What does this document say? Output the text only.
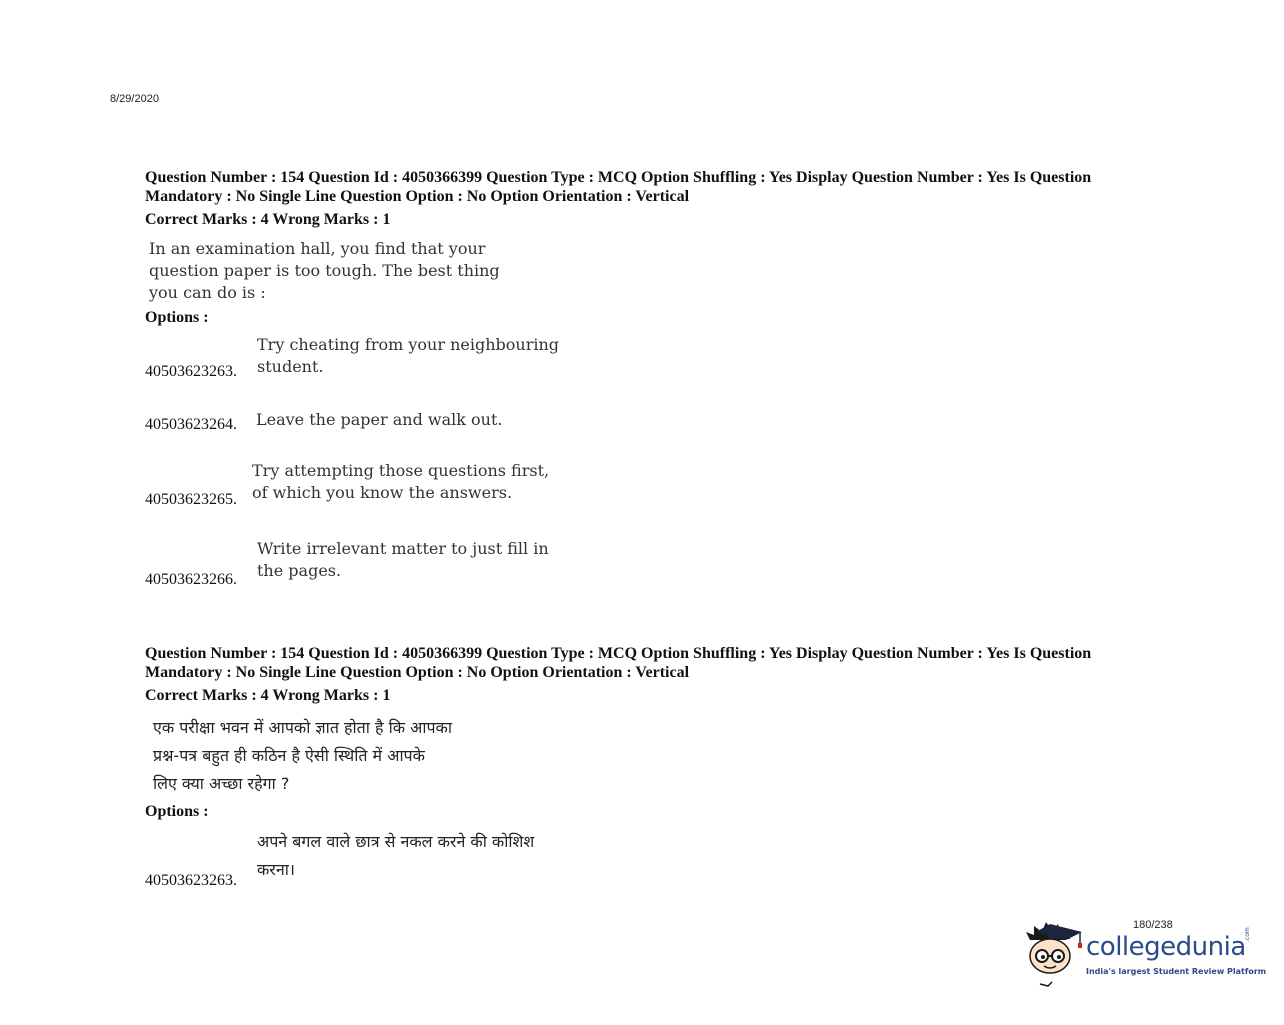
8/29/2020
Question Number : 154 Question Id : 4050366399 Question Type : MCQ Option Shuffling : Yes Display Question Number : Yes Is Question Mandatory : No Single Line Question Option : No Option Orientation : Vertical
Correct Marks : 4 Wrong Marks : 1
In an examination hall, you find that your
question paper is too tough. The best thing
you can do is :
Options :
40503623263.
Try cheating from your neighbouring
student.
40503623264. Leave the paper and walk out.
40503623265.
Try attempting those questions first,
of which you know the answers.
40503623266.
Write irrelevant matter to just fill in
the pages.
Question Number : 154 Question Id : 4050366399 Question Type : MCQ Option Shuffling : Yes Display Question Number : Yes Is Question Mandatory : No Single Line Question Option : No Option Orientation : Vertical
Correct Marks : 4 Wrong Marks : 1
एक परीक्षा भवन में आपको ज्ञात होता है कि आपका
प्रश्न-पत्र बहुत ही कठिन है ऐसी स्थिति में आपके
लिए क्या अच्छा रहेगा ?
Options :
40503623263.
अपने बगल वाले छात्र से नकल करने की कोशिश
करना।
180/238
collegedunia
.com
India's largest Student Review Platform
